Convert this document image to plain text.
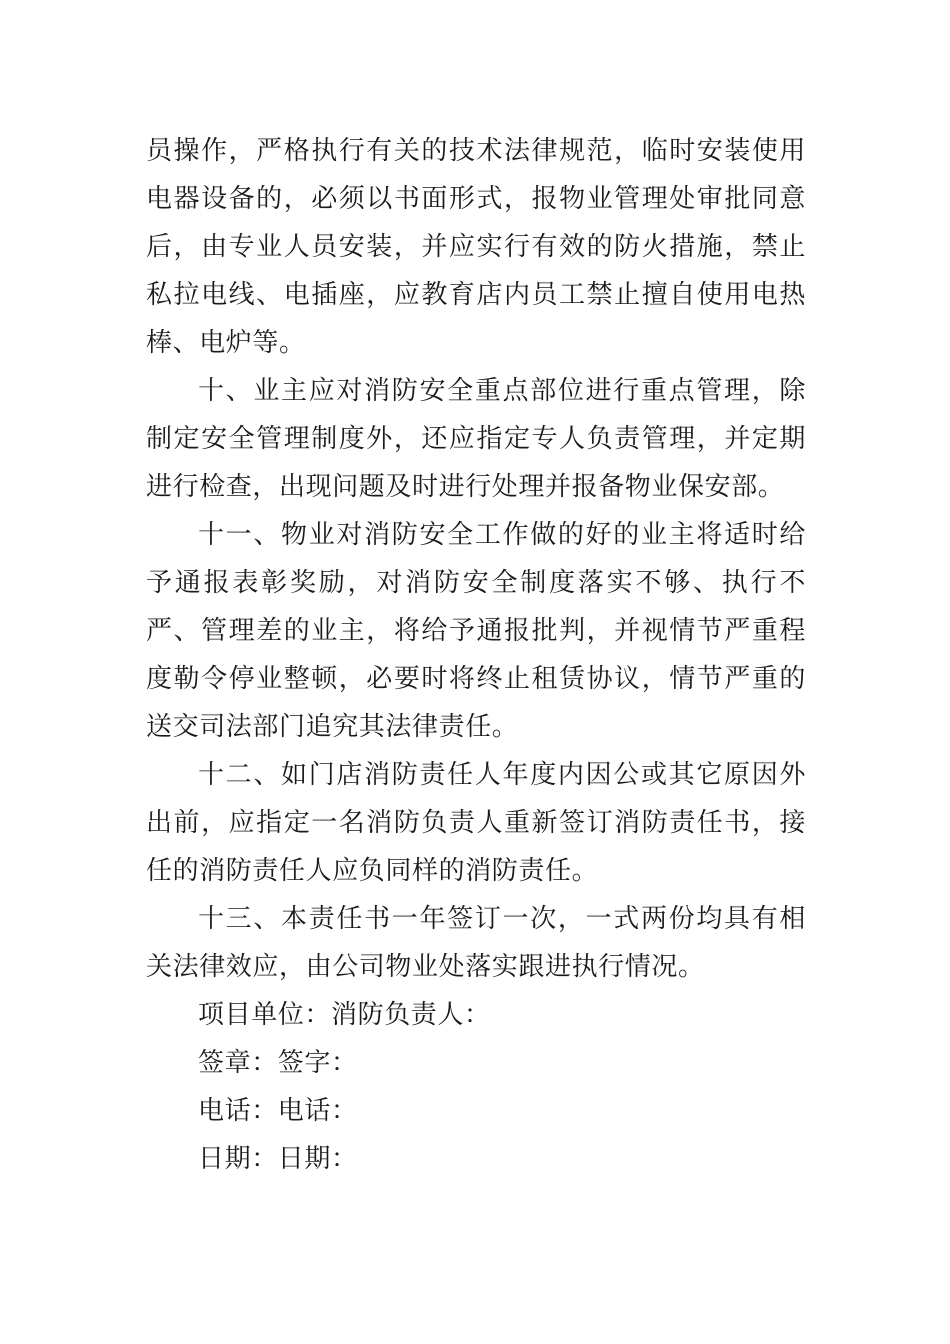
员操作，严格执行有关的技术法律规范，临时安装使用电器设备的，必须以书面形式，报物业管理处审批同意后，由专业人员安装，并应实行有效的防火措施，禁止私拉电线、电插座，应教育店内员工禁止擅自使用电热棒、电炉等。

十、业主应对消防安全重点部位进行重点管理，除制定安全管理制度外，还应指定专人负责管理，并定期进行检查，出现问题及时进行处理并报备物业保安部。

十一、物业对消防安全工作做的好的业主将适时给予通报表彰奖励，对消防安全制度落实不够、执行不严、管理差的业主，将给予通报批判，并视情节严重程度勒令停业整顿，必要时将终止租赁协议，情节严重的送交司法部门追究其法律责任。

十二、如门店消防责任人年度内因公或其它原因外出前，应指定一名消防负责人重新签订消防责任书，接任的消防责任人应负同样的消防责任。

十三、本责任书一年签订一次，一式两份均具有相关法律效应，由公司物业处落实跟进执行情况。

项目单位：消防负责人：

签章：签字：

电话：电话：

日期：日期：
